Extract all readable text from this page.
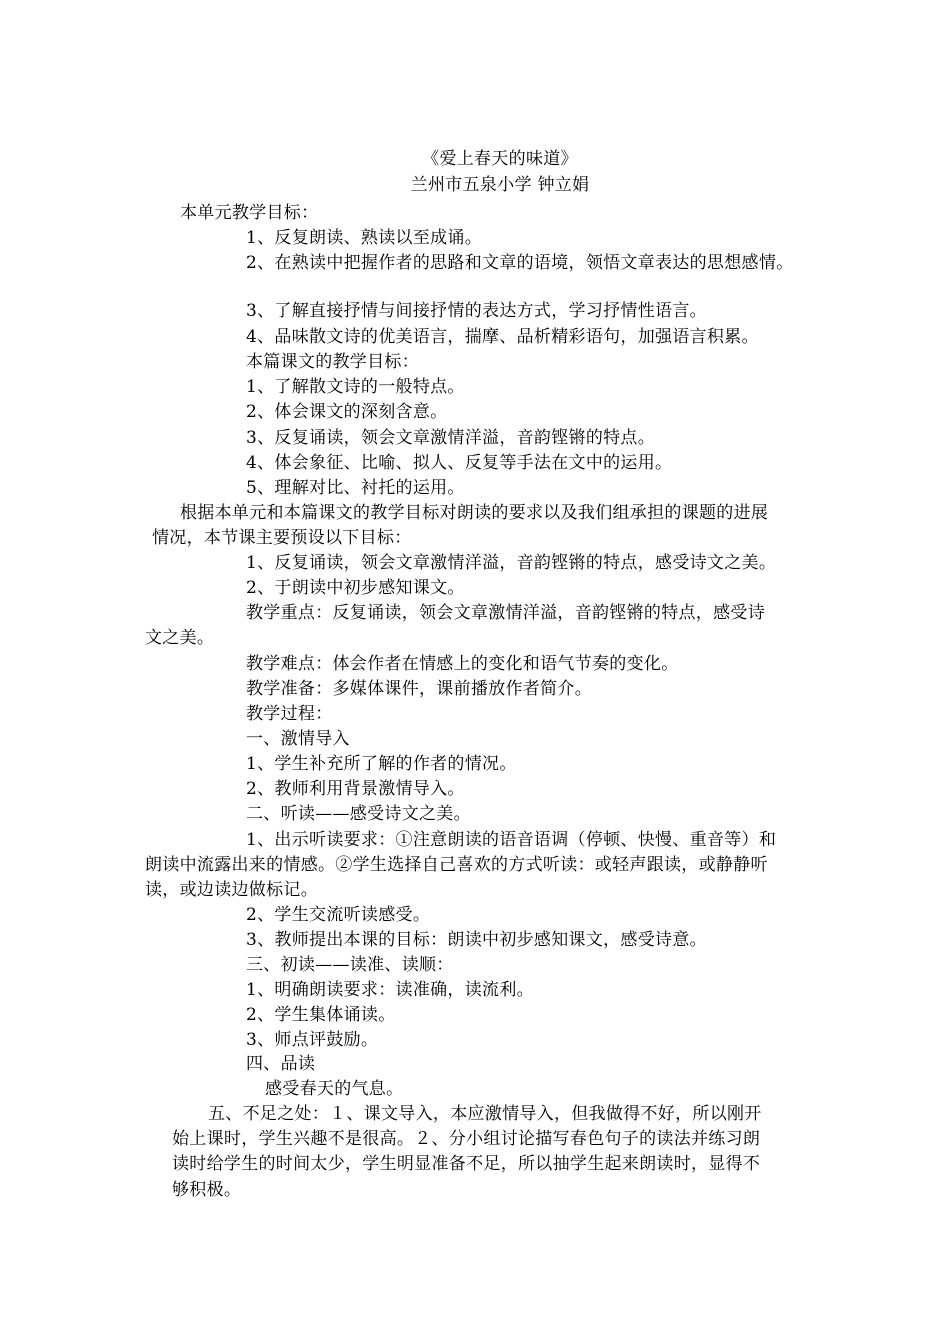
《爱上春天的味道》
兰州市五泉小学 钟立娟
本单元教学目标：
1、反复朗读、熟读以至成诵。
2、在熟读中把握作者的思路和文章的语境，领悟文章表达的思想感情。
3、了解直接抒情与间接抒情的表达方式，学习抒情性语言。
4、品味散文诗的优美语言，揣摩、品析精彩语句，加强语言积累。
本篇课文的教学目标：
1、了解散文诗的一般特点。
2、体会课文的深刻含意。
3、反复诵读，领会文章激情洋溢，音韵铿锵的特点。
4、体会象征、比喻、拟人、反复等手法在文中的运用。
5、理解对比、衬托的运用。
根据本单元和本篇课文的教学目标对朗读的要求以及我们组承担的课题的进展
情况，本节课主要预设以下目标：
1、反复诵读，领会文章激情洋溢，音韵铿锵的特点，感受诗文之美。
2、于朗读中初步感知课文。
教学重点：反复诵读，领会文章激情洋溢，音韵铿锵的特点，感受诗
文之美。
教学难点：体会作者在情感上的变化和语气节奏的变化。
教学准备：多媒体课件，课前播放作者简介。
教学过程：
一、激情导入
1、学生补充所了解的作者的情况。
2、教师利用背景激情导入。
二、听读——感受诗文之美。
1、出示听读要求：①注意朗读的语音语调（停顿、快慢、重音等）和
朗读中流露出来的情感。②学生选择自己喜欢的方式听读：或轻声跟读，或静静听
读，或边读边做标记。
2、学生交流听读感受。
3、教师提出本课的目标：朗读中初步感知课文，感受诗意。
三、初读——读准、读顺：
1、明确朗读要求：读准确，读流利。
2、学生集体诵读。
3、师点评鼓励。
四、品读
感受春天的气息。
五、不足之处：１、课文导入，本应激情导入，但我做得不好，所以刚开
始上课时，学生兴趣不是很高。２、分小组讨论描写春色句子的读法并练习朗
读时给学生的时间太少，学生明显准备不足，所以抽学生起来朗读时，显得不
够积极。
